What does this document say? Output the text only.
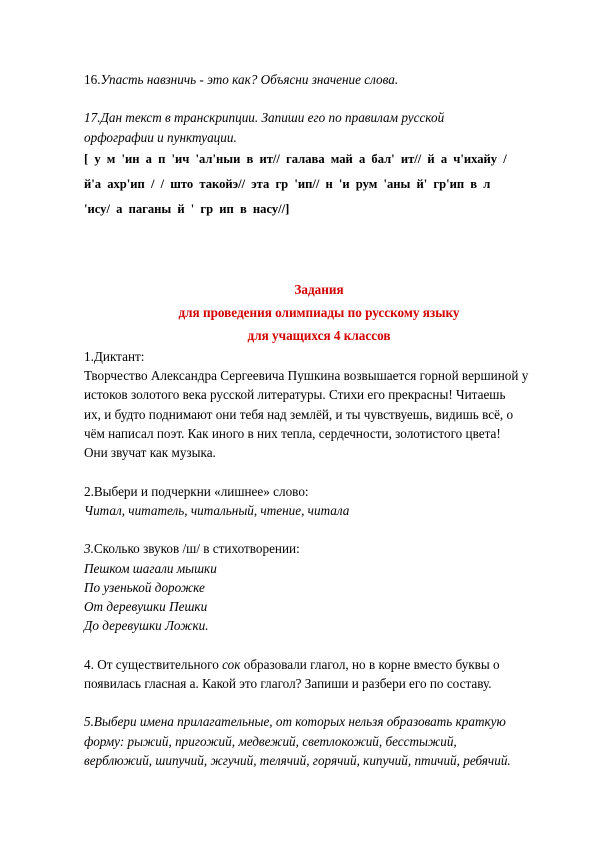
16.Упасть навзничь - это как? Объясни значение слова.

17.Дан текст в транскрипции. Запиши его по правилам русской

орфографии и пунктуации.

[ у м 'ин а п 'ич 'ал'ныи в ит// галава май а бал' ит// й а ч'ихайу /

й'а ахр'ип / / што такойэ// эта гр 'ип// н 'и рум 'аны й' гр'ип в л

'ису/ а паганы й ' гр ип в насу//]

Задания

для проведения олимпиады по русскому языку

для учащихся 4 классов

1.Диктант:

Творчество Александра Сергеевича Пушкина возвышается горной вершиной у

истоков золотого века русской литературы. Стихи его прекрасны! Читаешь

их, и будто поднимают они тебя над землёй, и ты чувствуешь, видишь всё, о

чём написал поэт. Как иного в них тепла, сердечности, золотистого цвета!

Они звучат как музыка.

2.Выбери и подчеркни «лишнее» слово:

Читал, читатель, читальный, чтение, читала

3.Сколько звуков /ш/ в стихотворении:

Пешком шагали мышки

По узенькой дорожке

От деревушки Пешки

До деревушки Ложки.

4. От существительного сок образовали глагол, но в корне вместо буквы о

появилась гласная а. Какой это глагол? Запиши и разбери его по составу.

5.Выбери имена прилагательные, от которых нельзя образовать краткую

форму: рыжий, пригожий, медвежий, светлокожий, бесстыжий,

верблюжий, шипучий, жгучий, телячий, горячий, кипучий, птичий, ребячий.
